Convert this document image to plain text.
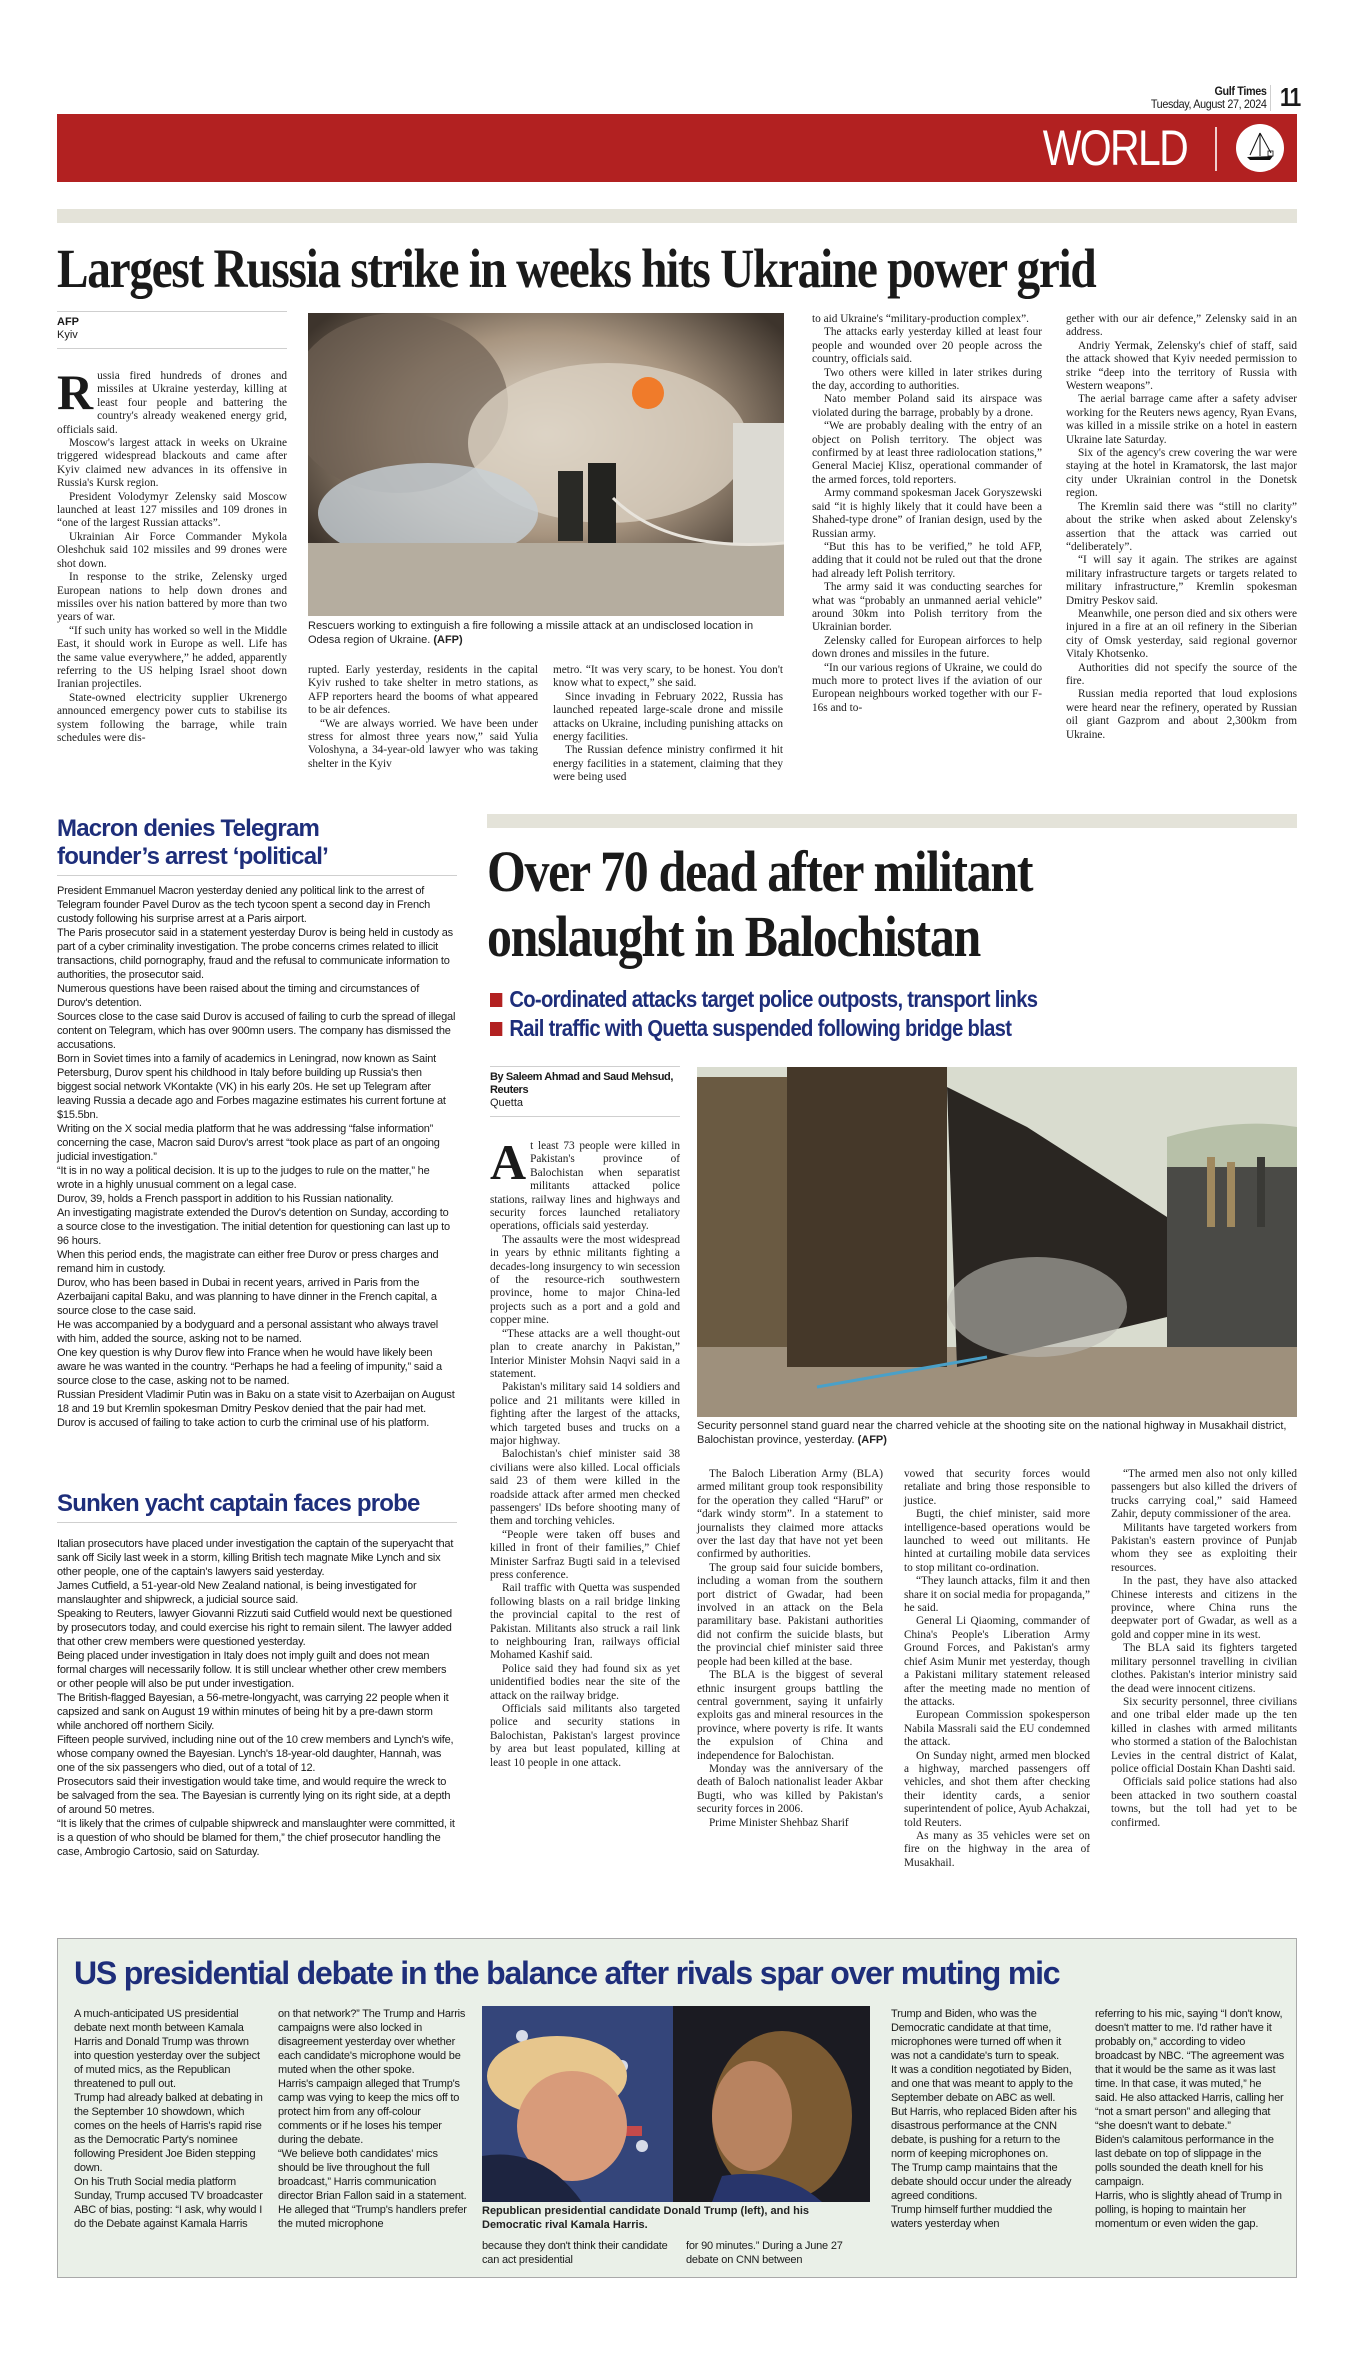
Gulf Times
Tuesday, August 27, 2024 11
WORLD
Largest Russia strike in weeks hits Ukraine power grid
AFP
Kyiv

Russia fired hundreds of drones and missiles at Ukraine yesterday, killing at least four people and battering the country's already weakened energy grid, officials said.

Moscow's largest attack in weeks on Ukraine triggered widespread blackouts and came after Kyiv claimed new advances in its offensive in Russia's Kursk region.

President Volodymyr Zelensky said Moscow launched at least 127 missiles and 109 drones in “one of the largest Russian attacks”.

Ukrainian Air Force Commander Mykola Oleshchuk said 102 missiles and 99 drones were shot down.

In response to the strike, Zelensky urged European nations to help down drones and missiles over his nation battered by more than two years of war.

“If such unity has worked so well in the Middle East, it should work in Europe as well. Life has the same value everywhere,” he added, apparently referring to the US helping Israel shoot down Iranian projectiles.

State-owned electricity supplier Ukrenergo announced emergency power cuts to stabilise its system following the barrage, while train schedules were dis-

Rescuers working to extinguish a fire following a missile attack at an undisclosed location in Odesa region of Ukraine. (AFP)

rupted. Early yesterday, residents in the capital Kyiv rushed to take shelter in metro stations, as AFP reporters heard the booms of what appeared to be air defences.

“We are always worried. We have been under stress for almost three years now,” said Yulia Voloshyna, a 34-year-old lawyer who was taking shelter in the Kyiv

metro. “It was very scary, to be honest. You don't know what to expect,” she said.

Since invading in February 2022, Russia has launched repeated large-scale drone and missile attacks on Ukraine, including punishing attacks on energy facilities.

The Russian defence ministry confirmed it hit energy facilities in a statement, claiming that they were being used

to aid Ukraine's “military-production complex”.

The attacks early yesterday killed at least four people and wounded over 20 people across the country, officials said.

Two others were killed in later strikes during the day, according to authorities.

Nato member Poland said its airspace was violated during the barrage, probably by a drone.

“We are probably dealing with the entry of an object on Polish territory. The object was confirmed by at least three radiolocation stations,” General Maciej Klisz, operational commander of the armed forces, told reporters.

Army command spokesman Jacek Goryszewski said “it is highly likely that it could have been a Shahed-type drone” of Iranian design, used by the Russian army.

“But this has to be verified,” he told AFP, adding that it could not be ruled out that the drone had already left Polish territory.

The army said it was conducting searches for what was “probably an unmanned aerial vehicle” around 30km into Polish territory from the Ukrainian border.

Zelensky called for European airforces to help down drones and missiles in the future.

“In our various regions of Ukraine, we could do much more to protect lives if the aviation of our European neighbours worked together with our F-16s and to-

gether with our air defence,” Zelensky said in an address.

Andriy Yermak, Zelensky's chief of staff, said the attack showed that Kyiv needed permission to strike “deep into the territory of Russia with Western weapons”.

The aerial barrage came after a safety adviser working for the Reuters news agency, Ryan Evans, was killed in a missile strike on a hotel in eastern Ukraine late Saturday.

Six of the agency's crew covering the war were staying at the hotel in Kramatorsk, the last major city under Ukrainian control in the Donetsk region.

The Kremlin said there was “still no clarity” about the strike when asked about Zelensky's assertion that the attack was carried out “deliberately”.

“I will say it again. The strikes are against military infrastructure targets or targets related to military infrastructure,” Kremlin spokesman Dmitry Peskov said.

Meanwhile, one person died and six others were injured in a fire at an oil refinery in the Siberian city of Omsk yesterday, said regional governor Vitaly Khotsenko.

Authorities did not specify the source of the fire.

Russian media reported that loud explosions were heard near the refinery, operated by Russian oil giant Gazprom and about 2,300km from Ukraine.

Macron denies Telegram founder’s arrest ‘political’

President Emmanuel Macron yesterday denied any political link to the arrest of Telegram founder Pavel Durov as the tech tycoon spent a second day in French custody following his surprise arrest at a Paris airport.

The Paris prosecutor said in a statement yesterday Durov is being held in custody as part of a cyber criminality investigation. The probe concerns crimes related to illicit transactions, child pornography, fraud and the refusal to communicate information to authorities, the prosecutor said.

Numerous questions have been raised about the timing and circumstances of Durov's detention.

Sources close to the case said Durov is accused of failing to curb the spread of illegal content on Telegram, which has over 900mn users. The company has dismissed the accusations.

Born in Soviet times into a family of academics in Leningrad, now known as Saint Petersburg, Durov spent his childhood in Italy before building up Russia's then biggest social network VKontakte (VK) in his early 20s. He set up Telegram after leaving Russia a decade ago and Forbes magazine estimates his current fortune at $15.5bn.

Writing on the X social media platform that he was addressing “false information” concerning the case, Macron said Durov's arrest “took place as part of an ongoing judicial investigation.”

“It is in no way a political decision. It is up to the judges to rule on the matter,” he wrote in a highly unusual comment on a legal case.

Durov, 39, holds a French passport in addition to his Russian nationality.

An investigating magistrate extended the Durov's detention on Sunday, according to a source close to the investigation. The initial detention for questioning can last up to 96 hours.

When this period ends, the magistrate can either free Durov or press charges and remand him in custody.

Durov, who has been based in Dubai in recent years, arrived in Paris from the Azerbaijani capital Baku, and was planning to have dinner in the French capital, a source close to the case said.

He was accompanied by a bodyguard and a personal assistant who always travel with him, added the source, asking not to be named.

One key question is why Durov flew into France when he would have likely been aware he was wanted in the country. “Perhaps he had a feeling of impunity,” said a source close to the case, asking not to be named.

Russian President Vladimir Putin was in Baku on a state visit to Azerbaijan on August 18 and 19 but Kremlin spokesman Dmitry Peskov denied that the pair had met.

Durov is accused of failing to take action to curb the criminal use of his platform.

Sunken yacht captain faces probe

Italian prosecutors have placed under investigation the captain of the superyacht that sank off Sicily last week in a storm, killing British tech magnate Mike Lynch and six other people, one of the captain's lawyers said yesterday.

James Cutfield, a 51-year-old New Zealand national, is being investigated for manslaughter and shipwreck, a judicial source said.

Speaking to Reuters, lawyer Giovanni Rizzuti said Cutfield would next be questioned by prosecutors today, and could exercise his right to remain silent. The lawyer added that other crew members were questioned yesterday.

Being placed under investigation in Italy does not imply guilt and does not mean formal charges will necessarily follow. It is still unclear whether other crew members or other people will also be put under investigation.

The British-flagged Bayesian, a 56-metre-longyacht, was carrying 22 people when it capsized and sank on August 19 within minutes of being hit by a pre-dawn storm while anchored off northern Sicily.

Fifteen people survived, including nine out of the 10 crew members and Lynch's wife, whose company owned the Bayesian. Lynch's 18-year-old daughter, Hannah, was one of the six passengers who died, out of a total of 12.

Prosecutors said their investigation would take time, and would require the wreck to be salvaged from the sea. The Bayesian is currently lying on its right side, at a depth of around 50 metres.

“It is likely that the crimes of culpable shipwreck and manslaughter were committed, it is a question of who should be blamed for them,” the chief prosecutor handling the case, Ambrogio Cartosio, said on Saturday.

Over 70 dead after militant
onslaught in Balochistan
Co-ordinated attacks target police outposts, transport links
Rail traffic with Quetta suspended following bridge blast
By Saleem Ahmad and Saud Mehsud, Reuters
Quetta

At least 73 people were killed in Pakistan's province of Balochistan when separatist militants attacked police stations, railway lines and highways and security forces launched retaliatory operations, officials said yesterday.

The assaults were the most widespread in years by ethnic militants fighting a decades-long insurgency to win secession of the resource-rich southwestern province, home to major China-led projects such as a port and a gold and copper mine.

“These attacks are a well thought-out plan to create anarchy in Pakistan,” Interior Minister Mohsin Naqvi said in a statement.

Pakistan's military said 14 soldiers and police and 21 militants were killed in fighting after the largest of the attacks, which targeted buses and trucks on a major highway.

Balochistan's chief minister said 38 civilians were also killed. Local officials said 23 of them were killed in the roadside attack after armed men checked passengers' IDs before shooting many of them and torching vehicles.

“People were taken off buses and killed in front of their families,” Chief Minister Sarfraz Bugti said in a televised press conference.

Rail traffic with Quetta was suspended following blasts on a rail bridge linking the provincial capital to the rest of Pakistan. Militants also struck a rail link to neighbouring Iran, railways official Mohamed Kashif said.

Police said they had found six as yet unidentified bodies near the site of the attack on the railway bridge.

Officials said militants also targeted police and security stations in Balochistan, Pakistan's largest province by area but least populated, killing at least 10 people in one attack.

Security personnel stand guard near the charred vehicle at the shooting site on the national highway in Musakhail district, Balochistan province, yesterday. (AFP)

The Baloch Liberation Army (BLA) armed militant group took responsibility for the operation they called “Haruf” or “dark windy storm”. In a statement to journalists they claimed more attacks over the last day that have not yet been confirmed by authorities.

The group said four suicide bombers, including a woman from the southern port district of Gwadar, had been involved in an attack on the Bela paramilitary base. Pakistani authorities did not confirm the suicide blasts, but the provincial chief minister said three people had been killed at the base.

The BLA is the biggest of several ethnic insurgent groups battling the central government, saying it unfairly exploits gas and mineral resources in the province, where poverty is rife. It wants the expulsion of China and independence for Balochistan.

Monday was the anniversary of the death of Baloch nationalist leader Akbar Bugti, who was killed by Pakistan's security forces in 2006.

Prime Minister Shehbaz Sharif

vowed that security forces would retaliate and bring those responsible to justice.

Bugti, the chief minister, said more intelligence-based operations would be launched to weed out militants. He hinted at curtailing mobile data services to stop militant co-ordination.

“They launch attacks, film it and then share it on social media for propaganda,” he said.

General Li Qiaoming, commander of China's People's Liberation Army Ground Forces, and Pakistan's army chief Asim Munir met yesterday, though a Pakistani military statement released after the meeting made no mention of the attacks.

European Commission spokesperson Nabila Massrali said the EU condemned the attack.

On Sunday night, armed men blocked a highway, marched passengers off vehicles, and shot them after checking their identity cards, a senior superintendent of police, Ayub Achakzai, told Reuters.

As many as 35 vehicles were set on fire on the highway in the area of Musakhail.

“The armed men also not only killed passengers but also killed the drivers of trucks carrying coal,” said Hameed Zahir, deputy commissioner of the area.

Militants have targeted workers from Pakistan's eastern province of Punjab whom they see as exploiting their resources.

In the past, they have also attacked Chinese interests and citizens in the province, where China runs the deepwater port of Gwadar, as well as a gold and copper mine in its west.

The BLA said its fighters targeted military personnel travelling in civilian clothes. Pakistan's interior ministry said the dead were innocent citizens.

Six security personnel, three civilians and one tribal elder made up the ten killed in clashes with armed militants who stormed a station of the Balochistan Levies in the central district of Kalat, police official Dostain Khan Dashti said.

Officials said police stations had also been attacked in two southern coastal towns, but the toll had yet to be confirmed.

US presidential debate in the balance after rivals spar over muting mic

A much-anticipated US presidential debate next month between Kamala Harris and Donald Trump was thrown into question yesterday over the subject of muted mics, as the Republican threatened to pull out.

Trump had already balked at debating in the September 10 showdown, which comes on the heels of Harris's rapid rise as the Democratic Party's nominee following President Joe Biden stepping down.

On his Truth Social media platform Sunday, Trump accused TV broadcaster ABC of bias, posting: “I ask, why would I do the Debate against Kamala Harris

on that network?” The Trump and Harris campaigns were also locked in disagreement yesterday over whether each candidate's microphone would be muted when the other spoke.

Harris's campaign alleged that Trump's camp was vying to keep the mics off to protect him from any off-colour comments or if he loses his temper during the debate.

“We believe both candidates' mics should be live throughout the full broadcast,” Harris communication director Brian Fallon said in a statement.

He alleged that “Trump's handlers prefer the muted microphone

Republican presidential candidate Donald Trump (left), and his Democratic rival Kamala Harris.

because they don't think their candidate can act presidential

for 90 minutes.” During a June 27 debate on CNN between

Trump and Biden, who was the Democratic candidate at that time, microphones were turned off when it was not a candidate's turn to speak.

It was a condition negotiated by Biden, and one that was meant to apply to the September debate on ABC as well.

But Harris, who replaced Biden after his disastrous performance at the CNN debate, is pushing for a return to the norm of keeping microphones on.

The Trump camp maintains that the debate should occur under the already agreed conditions.

Trump himself further muddied the waters yesterday when

referring to his mic, saying “I don't know, doesn't matter to me. I'd rather have it probably on,” according to video broadcast by NBC. “The agreement was that it would be the same as it was last time. In that case, it was muted,” he said. He also attacked Harris, calling her “not a smart person” and alleging that “she doesn't want to debate.”

Biden's calamitous performance in the last debate on top of slippage in the polls sounded the death knell for his campaign.

Harris, who is slightly ahead of Trump in polling, is hoping to maintain her momentum or even widen the gap.
